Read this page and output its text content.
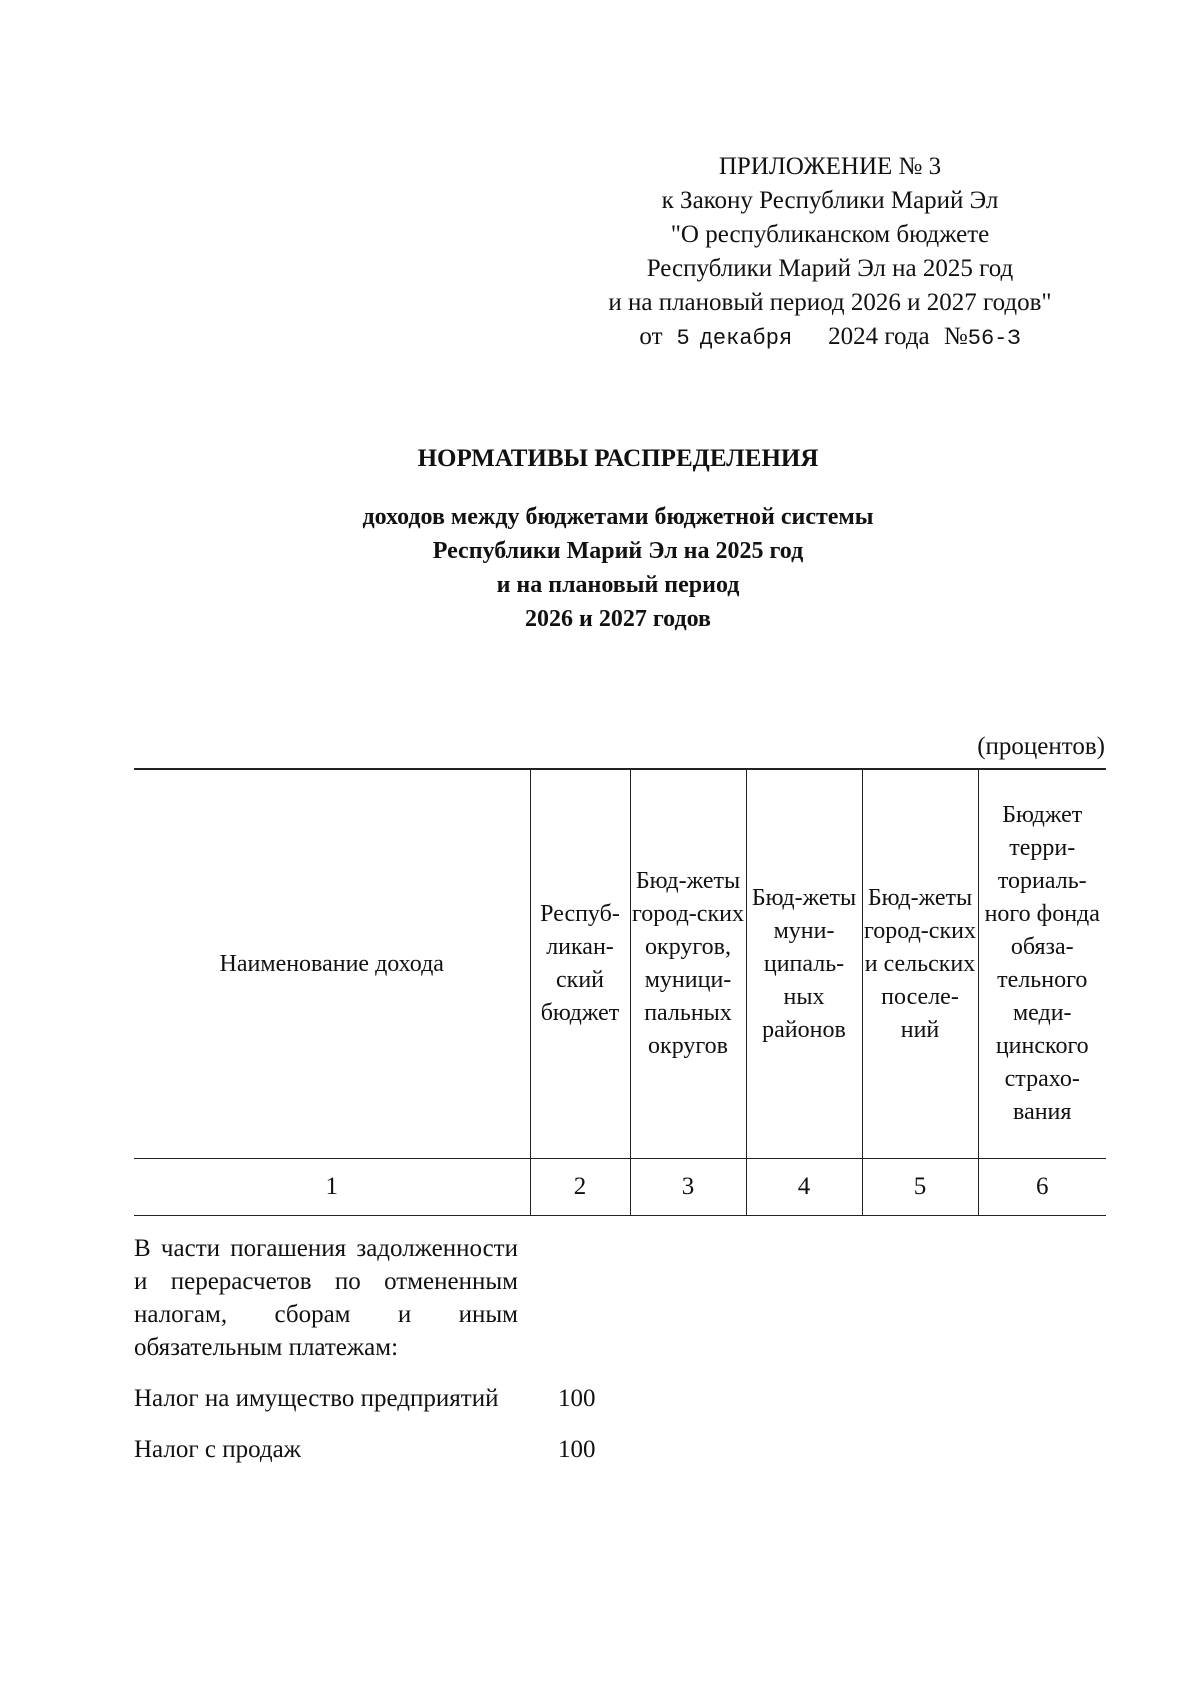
ПРИЛОЖЕНИЕ № 3
к Закону Республики Марий Эл
"О республиканском бюджете
Республики Марий Эл на 2025 год
и на плановый период 2026 и 2027 годов"
от 5 декабря 2024 года №56-З
НОРМАТИВЫ РАСПРЕДЕЛЕНИЯ
доходов между бюджетами бюджетной системы
Республики Марий Эл на 2025 год
и на плановый период
2026 и 2027 годов
(процентов)
Наименование дохода	Респуб-ликан-ский бюджет	Бюд-жеты город-ских округов, муници-пальных округов	Бюд-жеты муни-ципаль-ных районов	Бюд-жеты город-ских и сельских поселе-ний	Бюджет терри-ториаль-ного фонда обяза-тельного меди-цинского страхо-вания
1	2	3	4	5	6
В части погашения задолженности и перерасчетов по отмененным налогам, сборам и иным обязательным платежам:					
Налог на имущество предприятий	100				
Налог с продаж	100				
